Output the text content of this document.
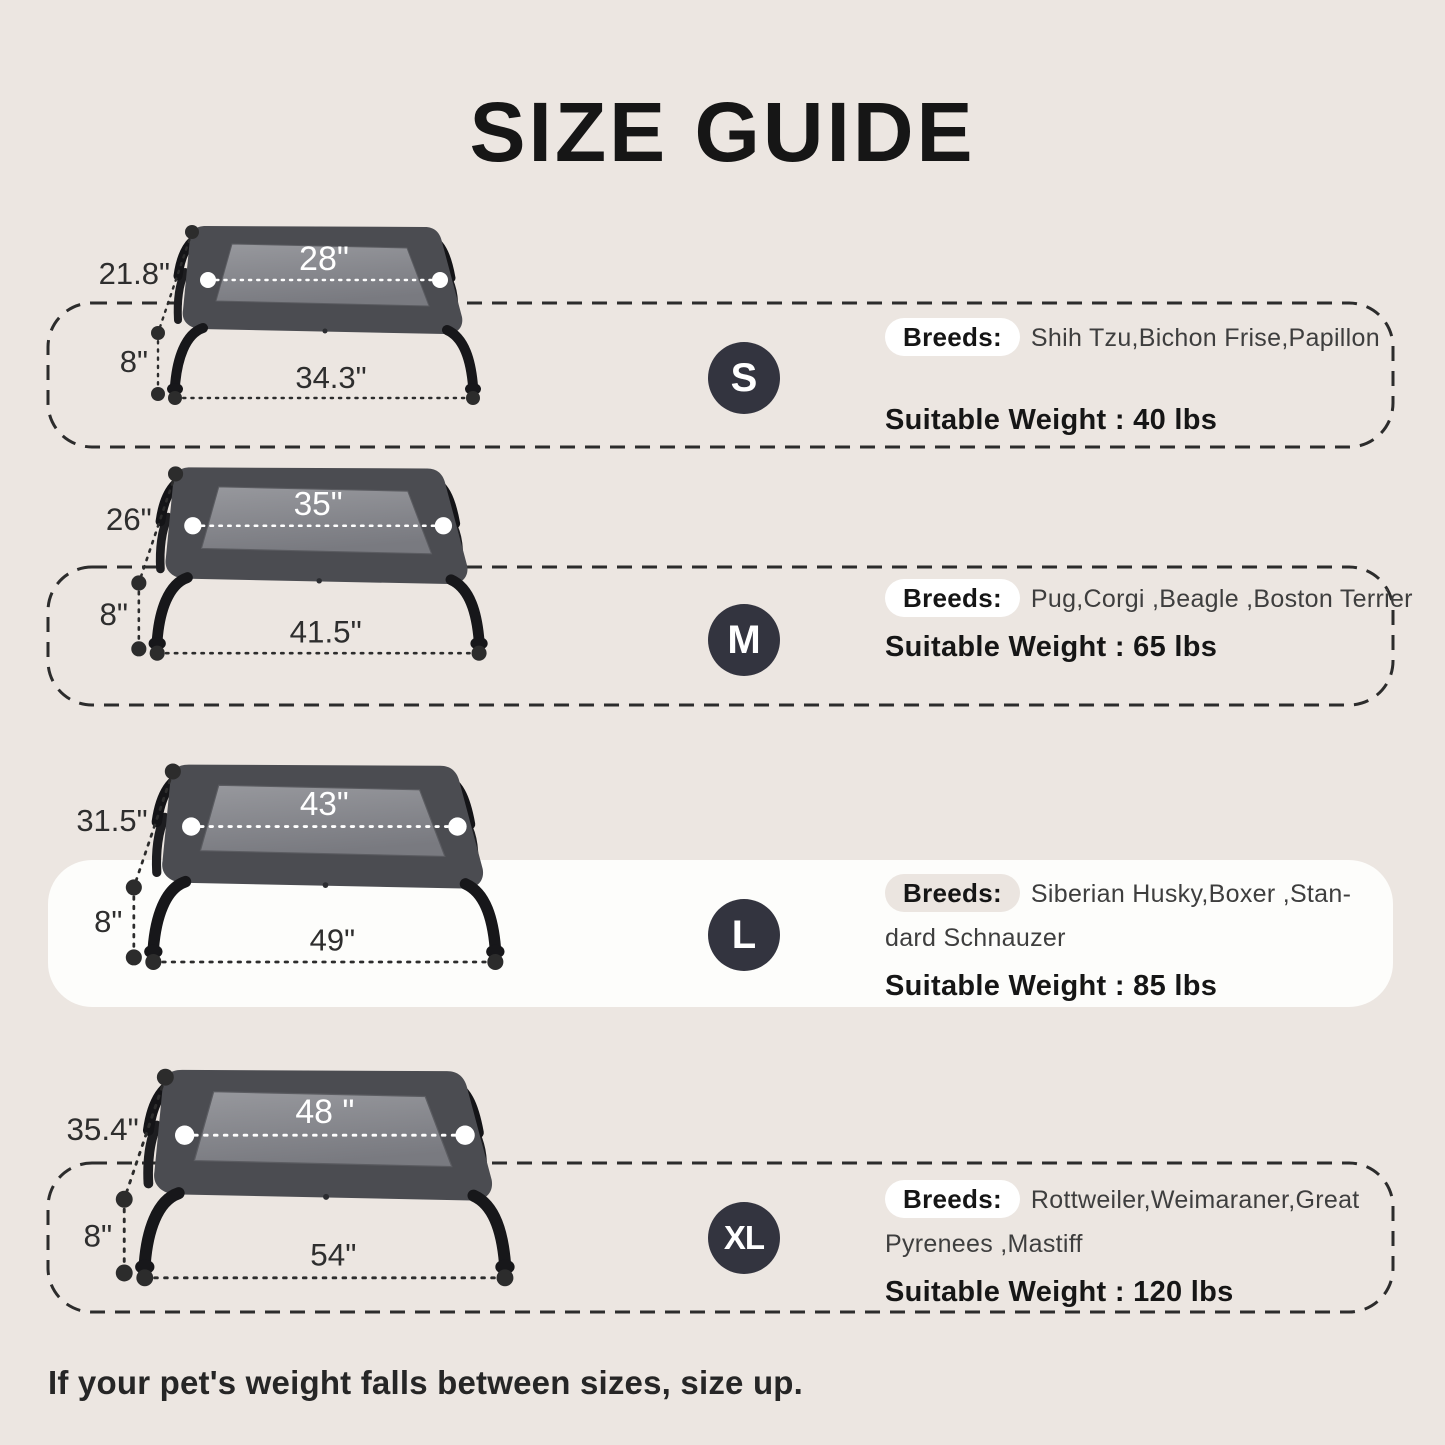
SIZE GUIDE
21.8"	28"
8"	34.3"
26"	35"
8"	41.5"
31.5"	43"
8"
49"
35.4"	48 "
8"
54"
S
M
L
XL

Breeds: Shih Tzu,Bichon Frise,Papillon

Suitable Weight : 40 lbs

Breeds: Pug,Corgi ,Beagle ,Boston Terrier

Suitable Weight : 65 lbs

Breeds: Siberian Husky,Boxer ,Standard Schnauzer

Suitable Weight : 85 lbs

Breeds: Rottweiler,Weimaraner,Great Pyrenees ,Mastiff

Suitable Weight : 120 lbs

If your pet's weight falls between sizes, size up.
